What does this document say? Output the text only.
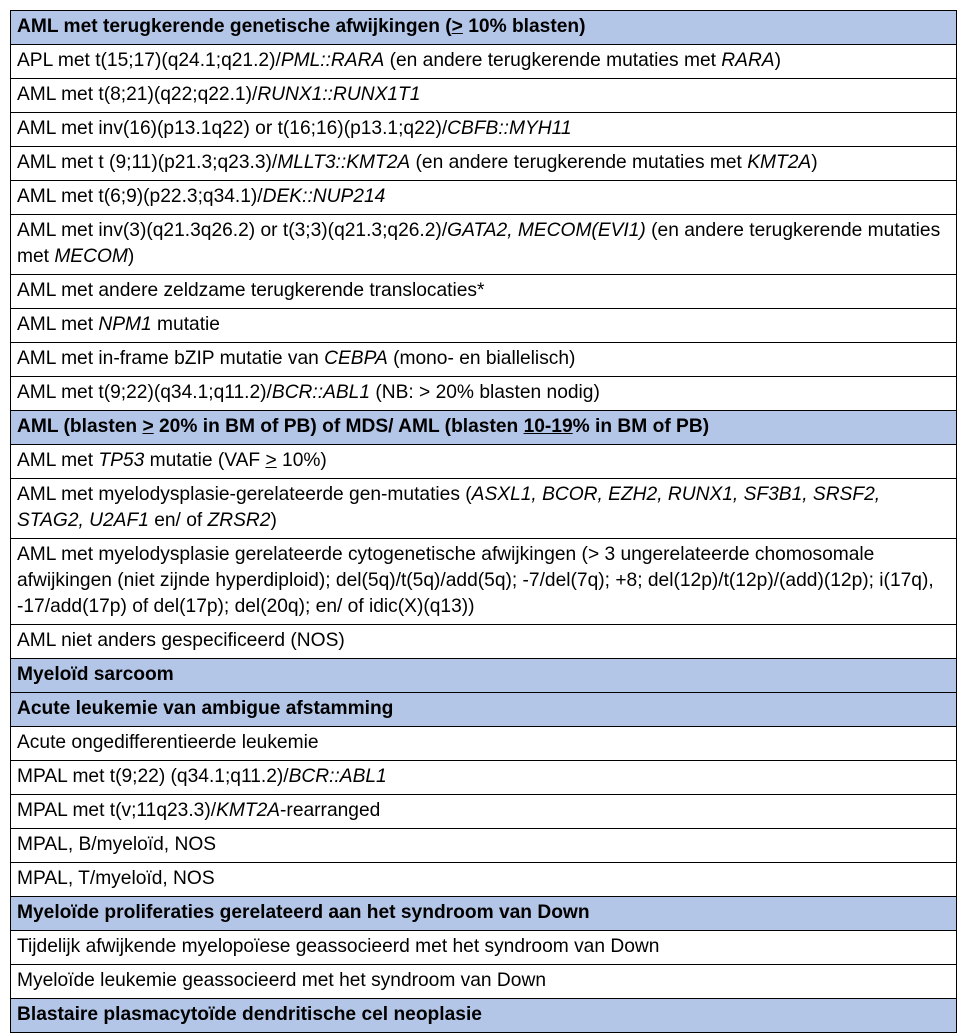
AML met terugkerende genetische afwijkingen (> 10% blasten)
APL met t(15;17)(q24.1;q21.2)/PML::RARA (en andere terugkerende mutaties met RARA)
AML met t(8;21)(q22;q22.1)/RUNX1::RUNX1T1
AML met inv(16)(p13.1q22) or t(16;16)(p13.1;q22)/CBFB::MYH11
AML met t (9;11)(p21.3;q23.3)/MLLT3::KMT2A (en andere terugkerende mutaties met KMT2A)
AML met t(6;9)(p22.3;q34.1)/DEK::NUP214
AML met inv(3)(q21.3q26.2) or t(3;3)(q21.3;q26.2)/GATA2, MECOM(EVI1) (en andere terugkerende mutaties met MECOM)
AML met andere zeldzame terugkerende translocaties*
AML met NPM1 mutatie
AML met in-frame bZIP mutatie van CEBPA (mono- en biallelisch)
AML met t(9;22)(q34.1;q11.2)/BCR::ABL1 (NB: > 20% blasten nodig)
AML (blasten > 20% in BM of PB) of MDS/ AML (blasten 10-19% in BM of PB)
AML met TP53 mutatie (VAF > 10%)
AML met myelodysplasie-gerelateerde gen-mutaties (ASXL1, BCOR, EZH2, RUNX1, SF3B1, SRSF2, STAG2, U2AF1 en/ of ZRSR2)
AML met myelodysplasie gerelateerde cytogenetische afwijkingen (> 3 ungerelateerde chomosomale afwijkingen (niet zijnde hyperdiploid); del(5q)/t(5q)/add(5q); -7/del(7q); +8; del(12p)/t(12p)/(add)(12p); i(17q), -17/add(17p) of del(17p); del(20q); en/ of idic(X)(q13))
AML niet anders gespecificeerd (NOS)
Myeloïd sarcoom
Acute leukemie van ambigue afstamming
Acute ongedifferentieerde leukemie
MPAL met t(9;22) (q34.1;q11.2)/BCR::ABL1
MPAL met t(v;11q23.3)/KMT2A-rearranged
MPAL, B/myeloïd, NOS
MPAL, T/myeloïd, NOS
Myeloïde proliferaties gerelateerd aan het syndroom van Down
Tijdelijk afwijkende myelopoïese geassocieerd met het syndroom van Down
Myeloïde leukemie geassocieerd met het syndroom van Down
Blastaire plasmacytoïde dendritische cel neoplasie
